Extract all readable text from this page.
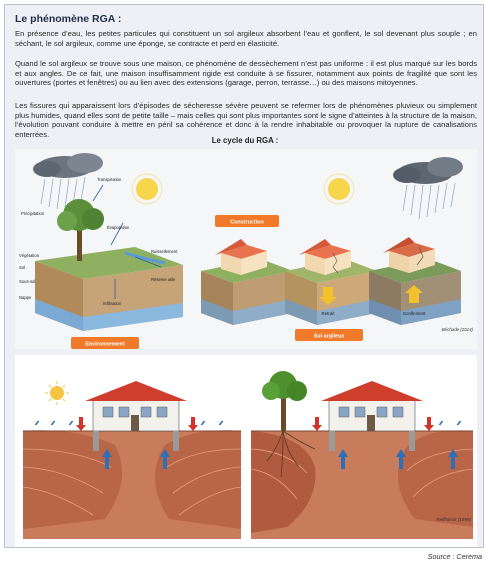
Le phénomène RGA :

En présence d’eau, les petites particules qui constituent un sol argileux absorbent l’eau et gonflent, le sol devenant plus souple ; en séchant, le sol argileux, comme une éponge, se contracte et perd en élasticité.

Quand le sol argileux se trouve sous une maison, ce phénomène de dessèchement n’est pas uniforme : il est plus marqué sur les bords et aux angles. De ce fait, une maison insuffisamment rigide est conduite à se fissurer, notamment aux points de fragilité que sont les ouvertures (portes et fenêtres) ou au lien avec des extensions (garage, perron, terrasse…) ou des maisons mitoyennes.

Les fissures qui apparaissent lors d’épisodes de sécheresse sévère peuvent se refermer lors de phénomènes pluvieux ou simplement plus humides, quand elles sont de petite taille – mais celles qui sont plus importantes sont le signe d’atteintes à la structure de la maison, l’évolution pouvant conduire à mettre en péril sa cohérence et donc à la rendre inhabitable ou provoquer la rupture de canalisations enterrées.

Le cycle du RGA :
Transpiration
Précipitation
Évaporation
Végétation
Sol
Ruissellement
Réserve utile
Sous-sol
Infiltration
Nappe
Environnement
Construction
Retrait	Gonflement
Sol argileux
Béchade (2014)
Reiffsteck (1999)
Source : Cerema
